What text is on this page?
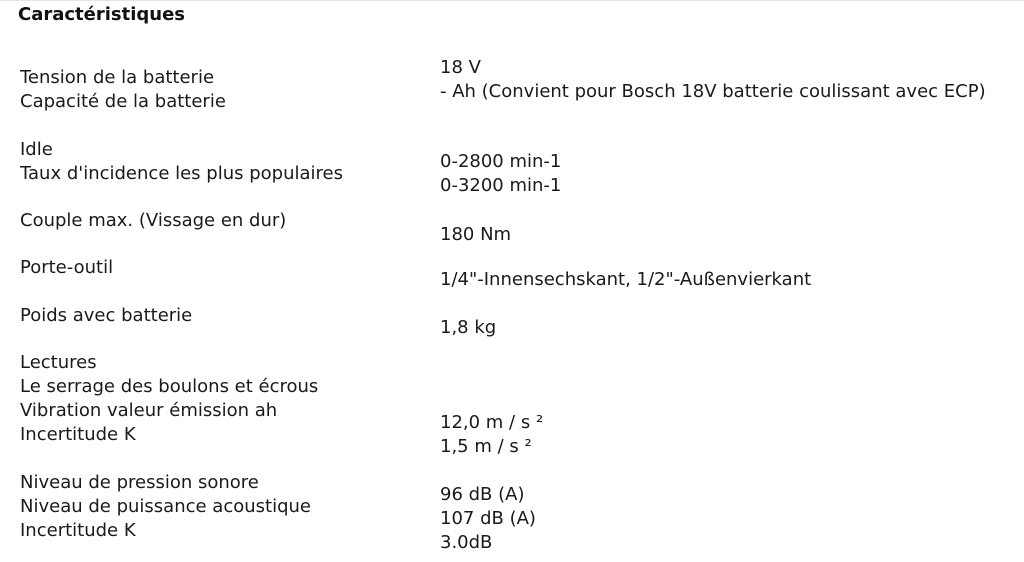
Caractéristiques
Tension de la batterie
Capacité de la batterie
18 V
- Ah (Convient pour Bosch 18V batterie coulissant avec ECP)
Idle
Taux d'incidence les plus populaires
0-2800 min-1
0-3200 min-1
Couple max. (Vissage en dur)
180 Nm
Porte-outil
1/4"-Innensechskant, 1/2"-Außenvierkant
Poids avec batterie
1,8 kg
Lectures
Le serrage des boulons et écrous
Vibration valeur émission ah
Incertitude K
12,0 m / s ²
1,5 m / s ²
Niveau de pression sonore
Niveau de puissance acoustique
Incertitude K
96 dB (A)
107 dB (A)
3.0dB
